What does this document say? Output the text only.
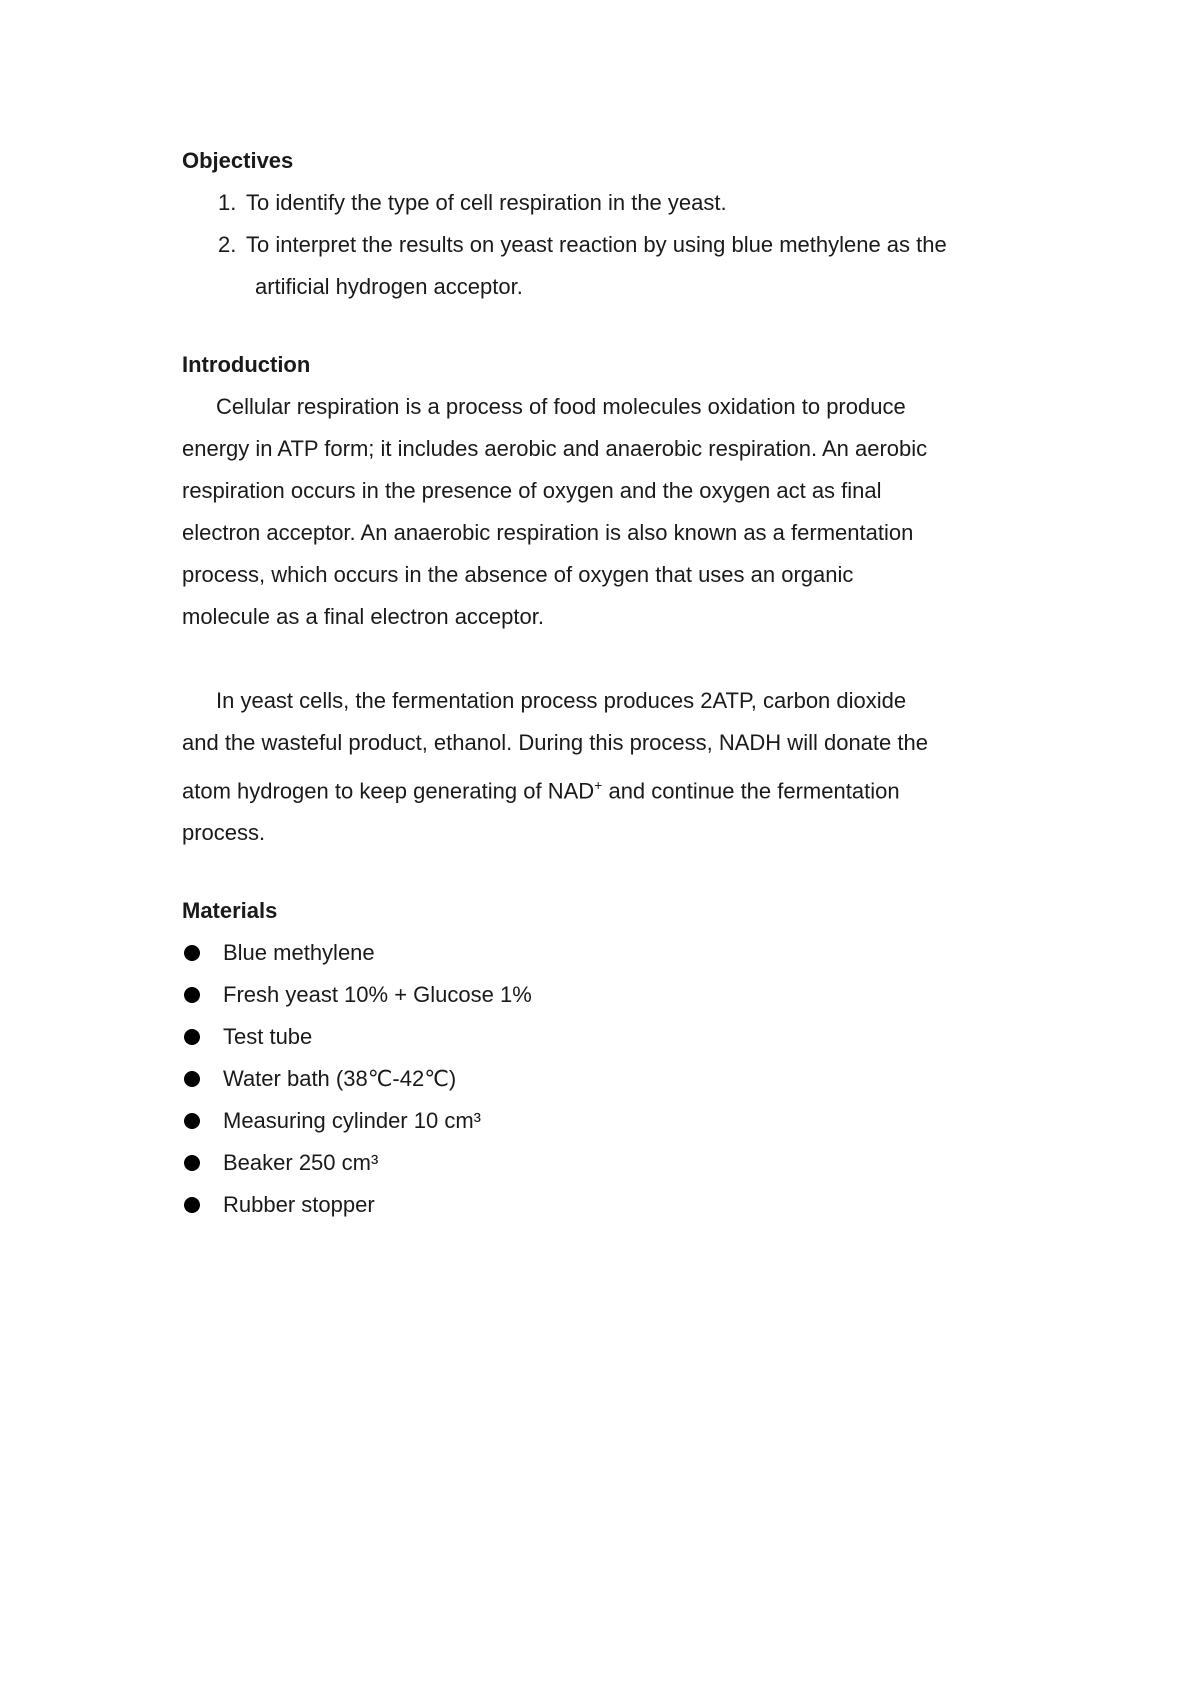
Objectives
1. To identify the type of cell respiration in the yeast.
2. To interpret the results on yeast reaction by using blue methylene as the
artificial hydrogen acceptor.
Introduction
Cellular respiration is a process of food molecules oxidation to produce
energy in ATP form; it includes aerobic and anaerobic respiration. An aerobic
respiration occurs in the presence of oxygen and the oxygen act as final
electron acceptor. An anaerobic respiration is also known as a fermentation
process, which occurs in the absence of oxygen that uses an organic
molecule as a final electron acceptor.
In yeast cells, the fermentation process produces 2ATP, carbon dioxide
and the wasteful product, ethanol. During this process, NADH will donate the
atom hydrogen to keep generating of NAD+ and continue the fermentation
process.
Materials
Blue methylene
Fresh yeast 10% + Glucose 1%
Test tube
Water bath (38℃-42℃)
Measuring cylinder 10 cm³
Beaker 250 cm³
Rubber stopper
